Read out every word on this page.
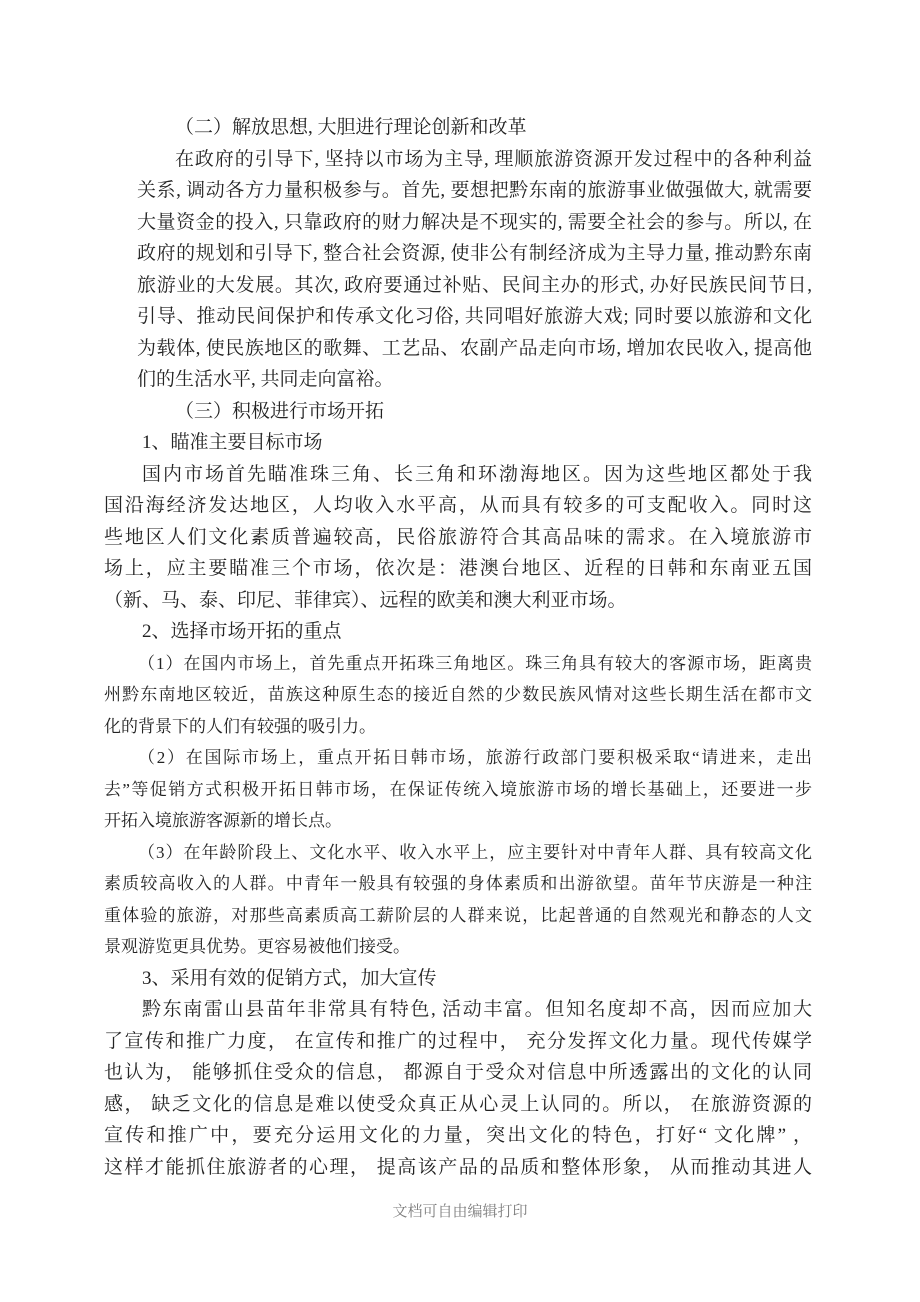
（二）解放思想, 大胆进行理论创新和改革
在政府的引导下, 坚持以市场为主导, 理顺旅游资源开发过程中的各种利益
关系, 调动各方力量积极参与。首先, 要想把黔东南的旅游事业做强做大, 就需要
大量资金的投入, 只靠政府的财力解决是不现实的, 需要全社会的参与。所以, 在
政府的规划和引导下, 整合社会资源, 使非公有制经济成为主导力量, 推动黔东南
旅游业的大发展。其次, 政府要通过补贴、民间主办的形式, 办好民族民间节日,
引导、推动民间保护和传承文化习俗, 共同唱好旅游大戏; 同时要以旅游和文化
为载体, 使民族地区的歌舞、工艺品、农副产品走向市场, 增加农民收入, 提高他
们的生活水平, 共同走向富裕。
（三）积极进行市场开拓
1、瞄准主要目标市场
国内市场首先瞄准珠三角、长三角和环渤海地区。因为这些地区都处于我
国沿海经济发达地区，人均收入水平高，从而具有较多的可支配收入。同时这
些地区人们文化素质普遍较高，民俗旅游符合其高品味的需求。在入境旅游市
场上，应主要瞄准三个市场，依次是：港澳台地区、近程的日韩和东南亚五国
（新、马、泰、印尼、菲律宾）、远程的欧美和澳大利亚市场。
2、选择市场开拓的重点
（1）在国内市场上，首先重点开拓珠三角地区。珠三角具有较大的客源市场，距离贵
州黔东南地区较近，苗族这种原生态的接近自然的少数民族风情对这些长期生活在都市文
化的背景下的人们有较强的吸引力。
（2）在国际市场上，重点开拓日韩市场，旅游行政部门要积极采取“请进来，走出
去”等促销方式积极开拓日韩市场，在保证传统入境旅游市场的增长基础上，还要进一步
开拓入境旅游客源新的增长点。
（3）在年龄阶段上、文化水平、收入水平上，应主要针对中青年人群、具有较高文化
素质较高收入的人群。中青年一般具有较强的身体素质和出游欲望。苗年节庆游是一种注
重体验的旅游，对那些高素质高工薪阶层的人群来说，比起普通的自然观光和静态的人文
景观游览更具优势。更容易被他们接受。
3、采用有效的促销方式，加大宣传
黔东南雷山县苗年非常具有特色, 活动丰富。但知名度却不高，因而应加大
了宣传和推广力度， 在宣传和推广的过程中， 充分发挥文化力量。现代传媒学
也认为， 能够抓住受众的信息， 都源自于受众对信息中所透露出的文化的认同
感， 缺乏文化的信息是难以使受众真正从心灵上认同的。所以， 在旅游资源的
宣传和推广中，要充分运用文化的力量，突出文化的特色，打好“ 文化牌” ，
这样才能抓住旅游者的心理， 提高该产品的品质和整体形象， 从而推动其进人
文档可自由编辑打印
